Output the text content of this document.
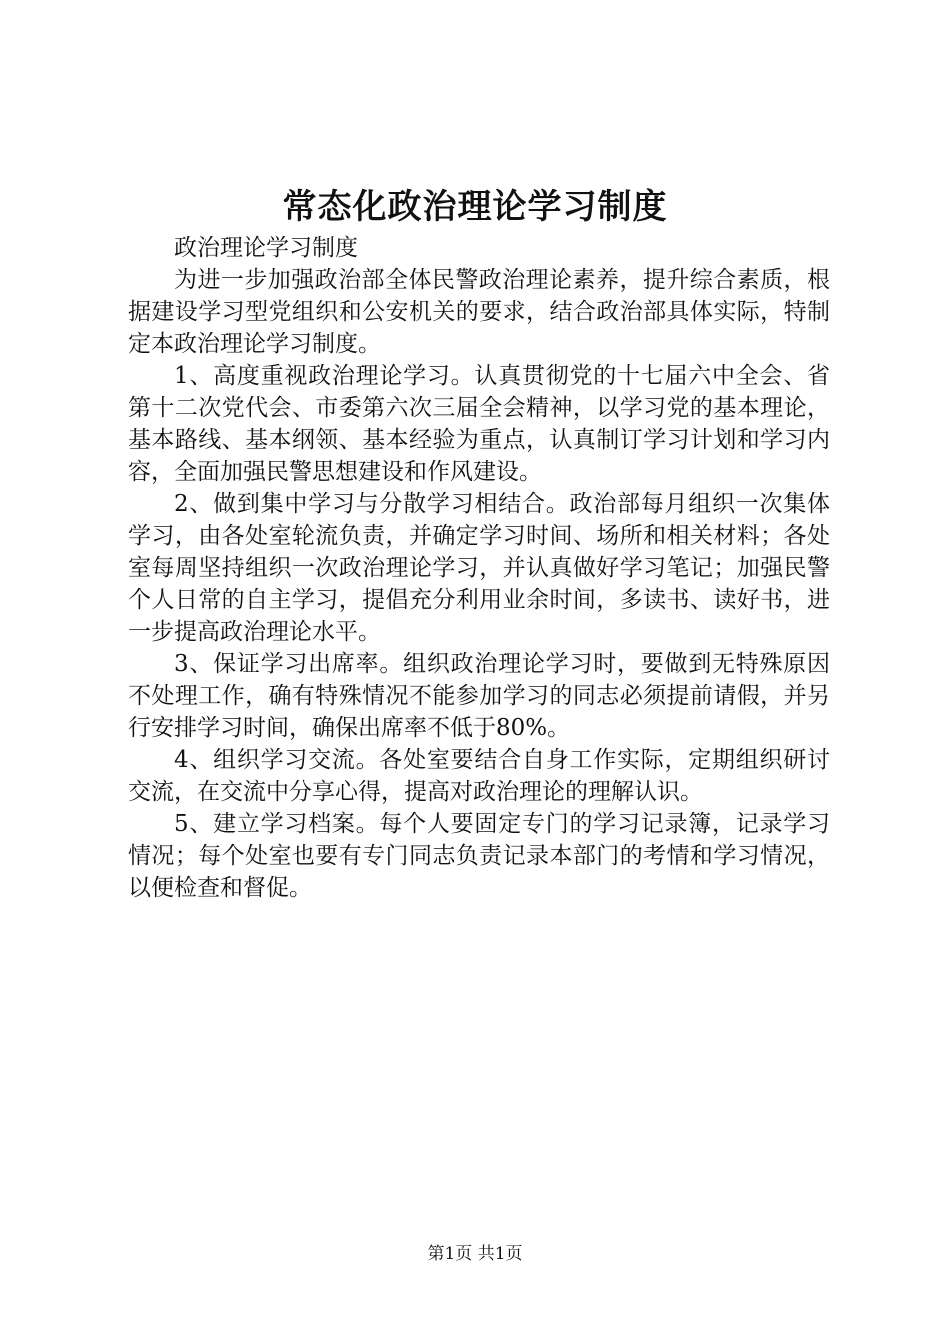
常态化政治理论学习制度

政治理论学习制度

为进一步加强政治部全体民警政治理论素养，提升综合素质，根据建设学习型党组织和公安机关的要求，结合政治部具体实际，特制定本政治理论学习制度。

1、高度重视政治理论学习。认真贯彻党的十七届六中全会、省第十二次党代会、市委第六次三届全会精神，以学习党的基本理论，基本路线、基本纲领、基本经验为重点，认真制订学习计划和学习内容，全面加强民警思想建设和作风建设。

2、做到集中学习与分散学习相结合。政治部每月组织一次集体学习，由各处室轮流负责，并确定学习时间、场所和相关材料；各处室每周坚持组织一次政治理论学习，并认真做好学习笔记；加强民警个人日常的自主学习，提倡充分利用业余时间，多读书、读好书，进一步提高政治理论水平。

3、保证学习出席率。组织政治理论学习时，要做到无特殊原因不处理工作，确有特殊情况不能参加学习的同志必须提前请假，并另行安排学习时间，确保出席率不低于80%。

4、组织学习交流。各处室要结合自身工作实际，定期组织研讨交流，在交流中分享心得，提高对政治理论的理解认识。

5、建立学习档案。每个人要固定专门的学习记录簿，记录学习情况；每个处室也要有专门同志负责记录本部门的考情和学习情况，以便检查和督促。

第1页 共1页
